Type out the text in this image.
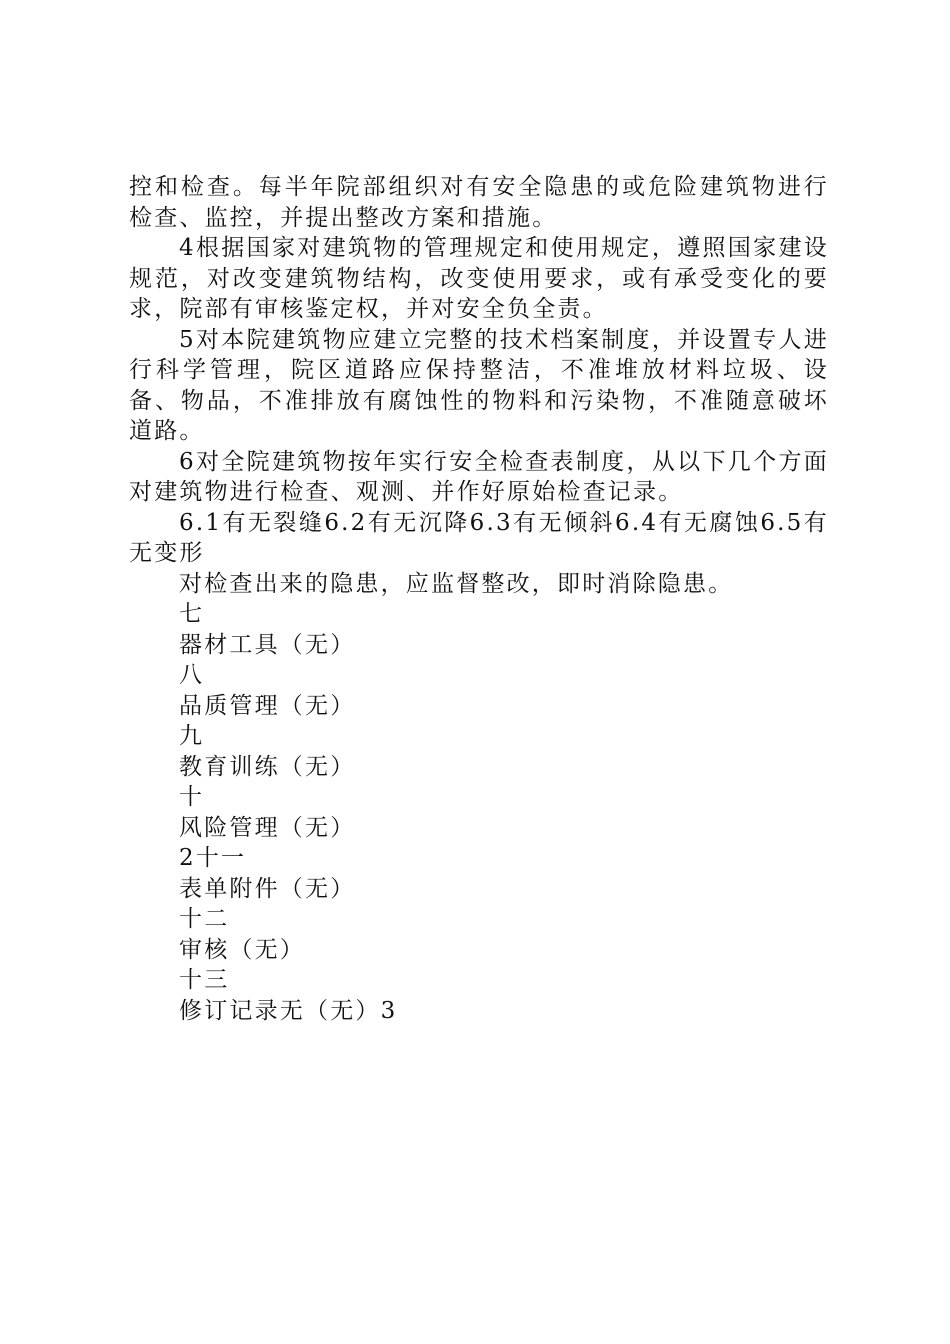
控和检查。每半年院部组织对有安全隐患的或危险建筑物进行检查、监控，并提出整改方案和措施。

4根据国家对建筑物的管理规定和使用规定，遵照国家建设规范，对改变建筑物结构，改变使用要求，或有承受变化的要求，院部有审核鉴定权，并对安全负全责。

5对本院建筑物应建立完整的技术档案制度，并设置专人进行科学管理，院区道路应保持整洁，不准堆放材料垃圾、设备、物品，不准排放有腐蚀性的物料和污染物，不准随意破坏道路。

6对全院建筑物按年实行安全检查表制度，从以下几个方面对建筑物进行检查、观测、并作好原始检查记录。

6.1有无裂缝6.2有无沉降6.3有无倾斜6.4有无腐蚀6.5有无变形

对检查出来的隐患，应监督整改，即时消除隐患。

七

器材工具（无）

八

品质管理（无）

九

教育训练（无）

十

风险管理（无）

2十一

表单附件（无）

十二

审核（无）

十三

修订记录无（无）3
